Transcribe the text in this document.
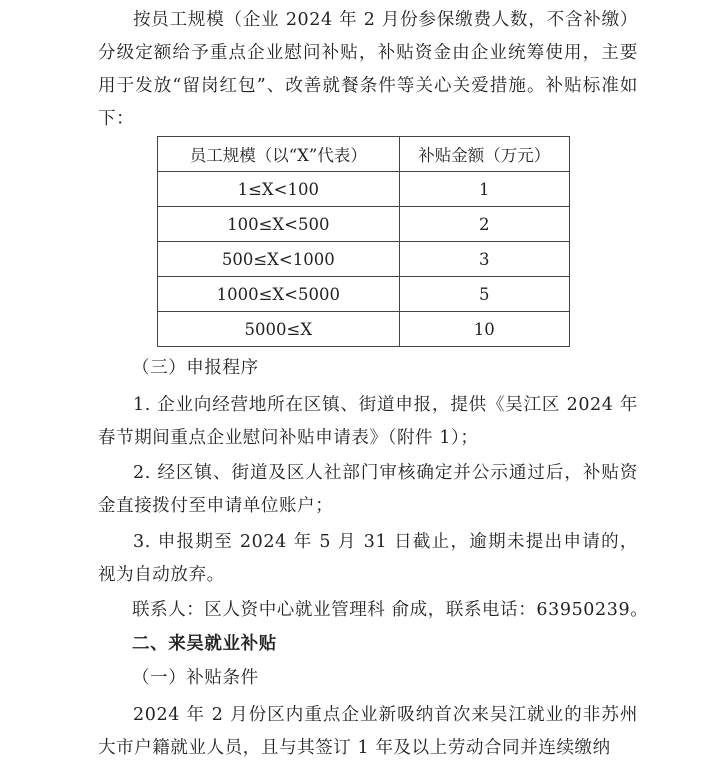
按员工规模（企业 2024 年 2 月份参保缴费人数，不含补缴）分级定额给予重点企业慰问补贴，补贴资金由企业统筹使用，主要用于发放“留岗红包”、改善就餐条件等关心关爱措施。补贴标准如下：

员工规模（以“X”代表）	补贴金额（万元）
1≤X<100	1
100≤X<500	2
500≤X<1000	3
1000≤X<5000	5
5000≤X	10

（三）申报程序

1. 企业向经营地所在区镇、街道申报，提供《吴江区 2024 年春节期间重点企业慰问补贴申请表》（附件 1）；

2. 经区镇、街道及区人社部门审核确定并公示通过后，补贴资金直接拨付至申请单位账户；

3. 申报期至 2024 年 5 月 31 日截止，逾期未提出申请的，视为自动放弃。

联系人：区人资中心就业管理科 俞成，联系电话：63950239。

二、来吴就业补贴

（一）补贴条件

2024 年 2 月份区内重点企业新吸纳首次来吴江就业的非苏州大市户籍就业人员，且与其签订 1 年及以上劳动合同并连续缴纳
